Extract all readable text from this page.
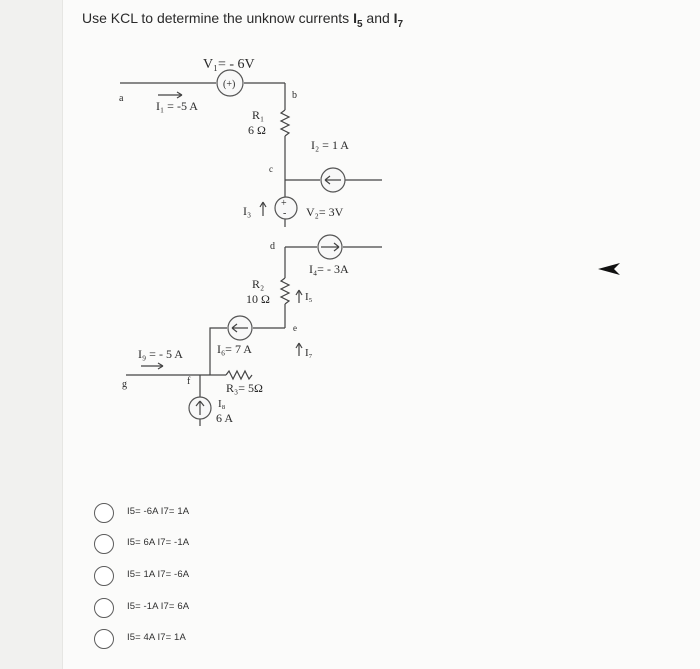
Use KCL to determine the unknow currents $I_5$ and $I_7$
(+)
+
-
a	b
c
d
e
f
g
V₁= - 6V
I₁ = -5 A
R₁
6 Ω
I₂ = 1 A
I₃	V₂= 3V
I₄= - 3A
R₂
10 Ω	I₅
I₆= 7 A	I₇
I₉ = - 5 A
R₃= 5Ω
I₈
6 A
I5= -6A I7= 1A
I5= 6A I7= -1A
I5= 1A I7= -6A
I5= -1A I7= 6A
I5= 4A I7= 1A
